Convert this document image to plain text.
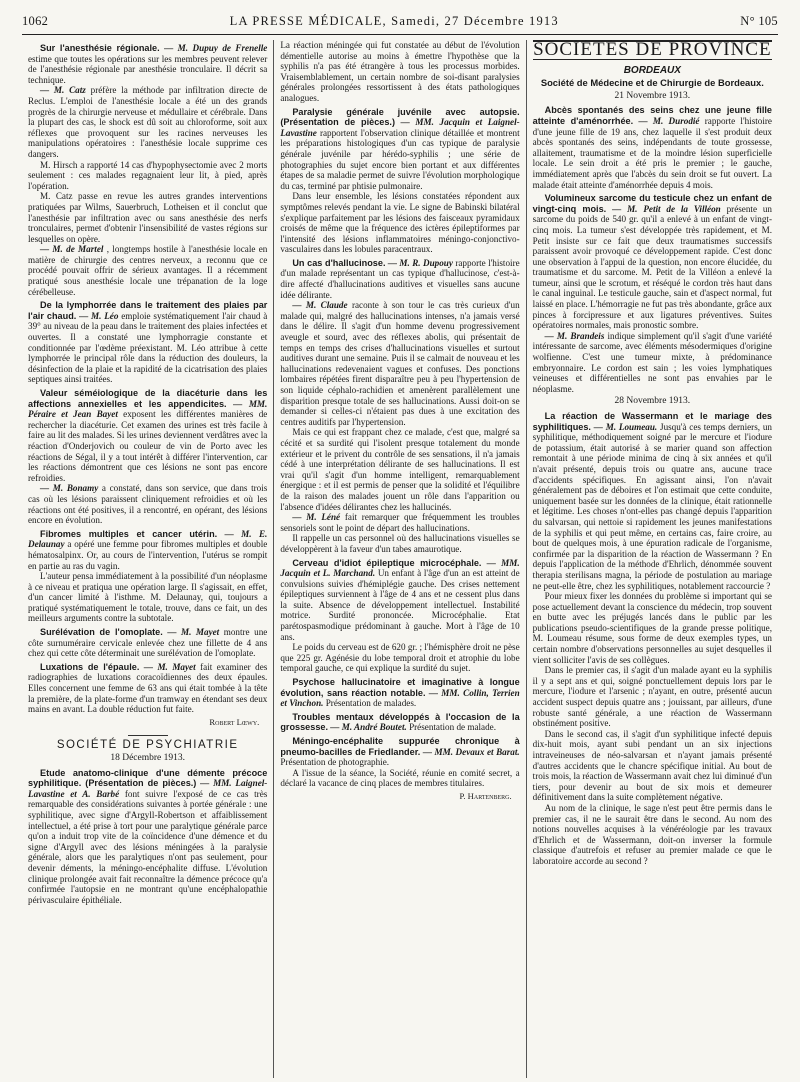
1062	LA PRESSE MÉDICALE, Samedi, 27 Décembre 1913	N° 105

Sur l'anesthésie régionale. — M. Dupuy de Frenelle estime que toutes les opérations sur les membres peuvent relever de l'anesthésie régionale par anesthésie tronculaire. Il décrit sa technique.

— M. Catz préfère la méthode par infiltration directe de Reclus. L'emploi de l'anesthésie locale a été un des grands progrès de la chirurgie nerveuse et médullaire et cérébrale. Dans la plupart des cas, le shock est dû soit au chloroforme, soit aux réflexes que provoquent sur les racines nerveuses les manipulations opératoires : l'anesthésie locale supprime ces dangers.

M. Hirsch a rapporté 14 cas d'hypophysectomie avec 2 morts seulement : ces malades regagnaient leur lit, à pied, après l'opération.

M. Catz passe en revue les autres grandes interventions pratiquées par Wilms, Sauerbruch, Lotheisen et il conclut que l'anesthésie par infiltration avec ou sans anesthésie des nerfs tronculaires, permet d'obtenir l'insensibilité de vastes régions sur lesquelles on opère.

— M. de Martel , longtemps hostile à l'anesthésie locale en matière de chirurgie des centres nerveux, a reconnu que ce procédé pouvait offrir de sérieux avantages. Il a récemment pratiqué sous anesthésie locale une trépanation de la loge cérébelleuse.

De la lymphorrée dans le traitement des plaies par l'air chaud. — M. Léo emploie systématiquement l'air chaud à 39° au niveau de la peau dans le traitement des plaies infectées et ouvertes. Il a constaté une lymphorragie constante et conditionnée par l'œdème préexistant. M. Léo attribue à cette lymphorrée le principal rôle dans la réduction des douleurs, la désinfection de la plaie et la rapidité de la cicatrisation des plaies septiques ainsi traitées.

Valeur séméiologique de la diacéturie dans les affections annexielles et les appendicites. — MM. Péraire et Jean Bayet exposent les différentes manières de rechercher la diacéturie. Cet examen des urines est très facile à faire au lit des malades. Si les urines deviennent verdâtres avec la réaction d'Onderjovich ou couleur de vin de Porto avec les réactions de Ségal, il y a tout intérêt à différer l'intervention, car les réactions démontrent que ces lésions ne sont pas encore refroidies.

— M. Bonamy a constaté, dans son service, que dans trois cas où les lésions paraissent cliniquement refroidies et où les réactions ont été positives, il a rencontré, en opérant, des lésions encore en évolution.

Fibromes multiples et cancer utérin. — M. E. Delaunay a opéré une femme pour fibromes multiples et double hématosalpinx. Or, au cours de l'intervention, l'utérus se rompit en partie au ras du vagin.

L'auteur pensa immédiatement à la possibilité d'un néoplasme à ce niveau et pratiqua une opération large. Il s'agissait, en effet, d'un cancer limité à l'isthme. M. Delaunay, qui, toujours a pratiqué systématiquement le totale, trouve, dans ce fait, un des meilleurs arguments contre la subtotale.

Surélévation de l'omoplate. — M. Mayet montre une côte surnuméraire cervicale enlevée chez une fillette de 4 ans chez qui cette côte déterminait une surélévation de l'omoplate.

Luxations de l'épaule. — M. Mayet fait examiner des radiographies de luxations coracoïdiennes des deux épaules. Elles concernent une femme de 63 ans qui était tombée à la tête la première, de la plate-forme d'un tramway en étendant ses deux mains en avant. La double réduction fut faite.

Robert Lœwy.
SOCIÉTÉ DE PSYCHIATRIE
18 Décembre 1913.

Etude anatomo-clinique d'une démente précoce syphilitique. (Présentation de pièces.) — MM. Laignel-Lavastine et A. Barbé font suivre l'exposé de ce cas très remarquable des considérations suivantes à portée générale : une syphilitique, avec signe d'Argyll-Robertson et affaiblissement intellectuel, a été prise à tort pour une paralytique générale parce qu'on a induit trop vite de la coïncidence d'une démence et du signe d'Argyll avec des lésions méningées à la paralysie générale, alors que les paralytiques n'ont pas seulement, pour devenir déments, la méningo-encéphalite diffuse. L'évolution clinique prolongée avait fait reconnaître la démence précoce qu'a confirmée l'autopsie en ne montrant qu'une encéphalopathie périvasculaire épithéliale.

La réaction méningée qui fut constatée au début de l'évolution démentielle autorise au moins à émettre l'hypothèse que la syphilis n'a pas été étrangère à tous les processus morbides. Vraisemblablement, un certain nombre de soi-disant paralysies générales prolongées ressortissent à des états pathologiques analogues.

Paralysie générale juvénile avec autopsie. (Présentation de pièces.) — MM. Jacquin et Laignel-Lavastine rapportent l'observation clinique détaillée et montrent les préparations histologiques d'un cas typique de paralysie générale juvénile par hérédo-syphilis ; une série de photographies du sujet encore bien portant et aux différentes étapes de sa maladie permet de suivre l'évolution morphologique du cas, terminé par phtisie pulmonaire.

Dans leur ensemble, les lésions constatées répondent aux symptômes relevés pendant la vie. Le signe de Babinski bilatéral s'explique parfaitement par les lésions des faisceaux pyramidaux croisés de même que la fréquence des ictères épileptiformes par l'intensité des lésions inflammatoires méningo-conjonctivo-vasculaires dans les lobules paracentraux.

Un cas d'hallucinose. — M. R. Dupouy rapporte l'histoire d'un malade représentant un cas typique d'hallucinose, c'est-à-dire affecté d'hallucinations auditives et visuelles sans aucune idée délirante.

— M. Claude raconte à son tour le cas très curieux d'un malade qui, malgré des hallucinations intenses, n'a jamais versé dans le délire. Il s'agit d'un homme devenu progressivement aveugle et sourd, avec des réflexes abolis, qui présentait de temps en temps des crises d'hallucinations visuelles et surtout auditives durant une semaine. Puis il se calmait de nouveau et les hallucinations redevenaient vagues et confuses. Des ponctions lombaires répétées firent disparaître peu à peu l'hypertension de son liquide céphalo-rachidien et amenèrent parallèlement une disparition presque totale de ses hallucinations. Aussi doit-on se demander si celles-ci n'étaient pas dues à une excitation des centres auditifs par l'hypertension.

Mais ce qui est frappant chez ce malade, c'est que, malgré sa cécité et sa surdité qui l'isolent presque totalement du monde extérieur et le privent du contrôle de ses sensations, il n'a jamais cédé à une interprétation délirante de ses hallucinations. Il est vrai qu'il s'agit d'un homme intelligent, remarquablement énergique : et il est permis de penser que la solidité et l'équilibre de la raison des malades jouent un rôle dans l'apparition ou l'absence d'idées délirantes chez les hallucinés.

— M. Léné fait remarquer que fréquemment les troubles sensoriels sont le point de départ des hallucinations.

Il rappelle un cas personnel où des hallucinations visuelles se développèrent à la faveur d'un tabes amaurotique.

Cerveau d'idiot épileptique microcéphale. — MM. Jacquin et L. Marchand. Un enfant à l'âge d'un an est atteint de convulsions suivies d'hémiplégie gauche. Des crises nettement épileptiques surviennent à l'âge de 4 ans et ne cessent plus dans la suite. Absence de développement intellectuel. Instabilité motrice. Surdité prononcée. Microcéphalie. Etat parétospasmodique prédominant à gauche. Mort à l'âge de 10 ans.

Le poids du cerveau est de 620 gr. ; l'hémisphère droit ne pèse que 225 gr. Agénésie du lobe temporal droit et atrophie du lobe temporal gauche, ce qui explique la surdité du sujet.

Psychose hallucinatoire et imaginative à longue évolution, sans réaction notable. — MM. Collin, Terrien et Vinchon. Présentation de malades.

Troubles mentaux développés à l'occasion de la grossesse. — M. André Boutet. Présentation de malade.

Méningo-encéphalite suppurée chronique à pneumo-bacilles de Friedlander. — MM. Devaux et Barat. Présentation de photographie.

A l'issue de la séance, la Société, réunie en comité secret, a déclaré la vacance de cinq places de membres titulaires.

P. Hartenberg.
SOCIÉTÉS DE PROVINCE
BORDEAUX
Société de Médecine et de Chirurgie de Bordeaux.
21 Novembre 1913.

Abcès spontanés des seins chez une jeune fille atteinte d'aménorrhée. — M. Durodié rapporte l'histoire d'une jeune fille de 19 ans, chez laquelle il s'est produit deux abcès spontanés des seins, indépendants de toute grossesse, allaitement, traumatisme et de la moindre lésion superficielle locale. Le sein droit a été pris le premier ; le gauche, immédiatement après que l'abcès du sein droit se fut ouvert. La malade était atteinte d'aménorrhée depuis 4 mois.

Volumineux sarcome du testicule chez un enfant de vingt-cinq mois. — M. Petit de la Villéon présente un sarcome du poids de 540 gr. qu'il a enlevé à un enfant de vingt-cinq mois. La tumeur s'est développée très rapidement, et M. Petit insiste sur ce fait que deux traumatismes successifs paraissent avoir provoqué ce développement rapide. C'est donc une observation à l'appui de la question, non encore élucidée, du traumatisme et du sarcome. M. Petit de la Villéon a enlevé la tumeur, ainsi que le scrotum, et réséqué le cordon très haut dans le canal inguinal. Le testicule gauche, sain et d'aspect normal, fut laissé en place. L'hémorragie ne fut pas très abondante, grâce aux pinces à forcipressure et aux ligatures préventives. Suites opératoires normales, mais pronostic sombre.

— M. Brandeis indique simplement qu'il s'agit d'une variété intéressante de sarcome, avec éléments mésodermiques d'origine wolfienne. C'est une tumeur mixte, à prédominance embryonnaire. Le cordon est sain ; les voies lymphatiques veineuses et différentielles ne sont pas envahies par le néoplasme.

28 Novembre 1913.

La réaction de Wassermann et le mariage des syphilitiques. — M. Loumeau. Jusqu'à ces temps derniers, un syphilitique, méthodiquement soigné par le mercure et l'iodure de potassium, était autorisé à se marier quand son affection remontait à une période minima de cinq à six années et qu'il n'avait présenté, depuis trois ou quatre ans, aucune trace d'accidents spécifiques. En agissant ainsi, l'on n'avait généralement pas de déboires et l'on estimait que cette conduite, uniquement basée sur les données de la clinique, était rationnelle et légitime. Les choses n'ont-elles pas changé depuis l'apparition du salvarsan, qui nettoie si rapidement les jeunes manifestations de la syphilis et qui peut même, en certains cas, faire croire, au bout de quelques mois, à une épuration radicale de l'organisme, confirmée par la disparition de la réaction de Wassermann ? En depuis l'application de la méthode d'Ehrlich, dénommée souvent therapia sterilisans magna, la période de postulation au mariage ne peut-elle être, chez les syphilitiques, notablement raccourcie ?

Pour mieux fixer les données du problème si important qui se pose actuellement devant la conscience du médecin, trop souvent en butte avec les préjugés lancés dans le public par les publications pseudo-scientifiques de la grande presse politique, M. Loumeau résume, sous forme de deux exemples types, un certain nombre d'observations personnelles au sujet desquelles il vient solliciter l'avis de ses collègues.

Dans le premier cas, il s'agit d'un malade ayant eu la syphilis il y a sept ans et qui, soigné ponctuellement depuis lors par le mercure, l'iodure et l'arsenic ; n'ayant, en outre, présenté aucun accident suspect depuis quatre ans ; jouissant, par ailleurs, d'une robuste santé générale, a une réaction de Wassermann obstinément positive.

Dans le second cas, il s'agit d'un syphilitique infecté depuis dix-huit mois, ayant subi pendant un an six injections intraveineuses de néo-salvarsan et n'ayant jamais présenté d'autres accidents que le chancre spécifique initial. Au bout de trois mois, la réaction de Wassermann avait chez lui diminué d'un tiers, pour devenir au bout de six mois et demeurer définitivement dans la suite complètement négative.

Au nom de la clinique, le sage n'est peut être permis dans le premier cas, il ne le saurait être dans le second. Au nom des notions nouvelles acquises à la vénéréologie par les travaux d'Ehrlich et de Wassermann, doit-on inverser la formule classique d'autrefois et refuser au premier malade ce que le laboratoire accorde au second ?
